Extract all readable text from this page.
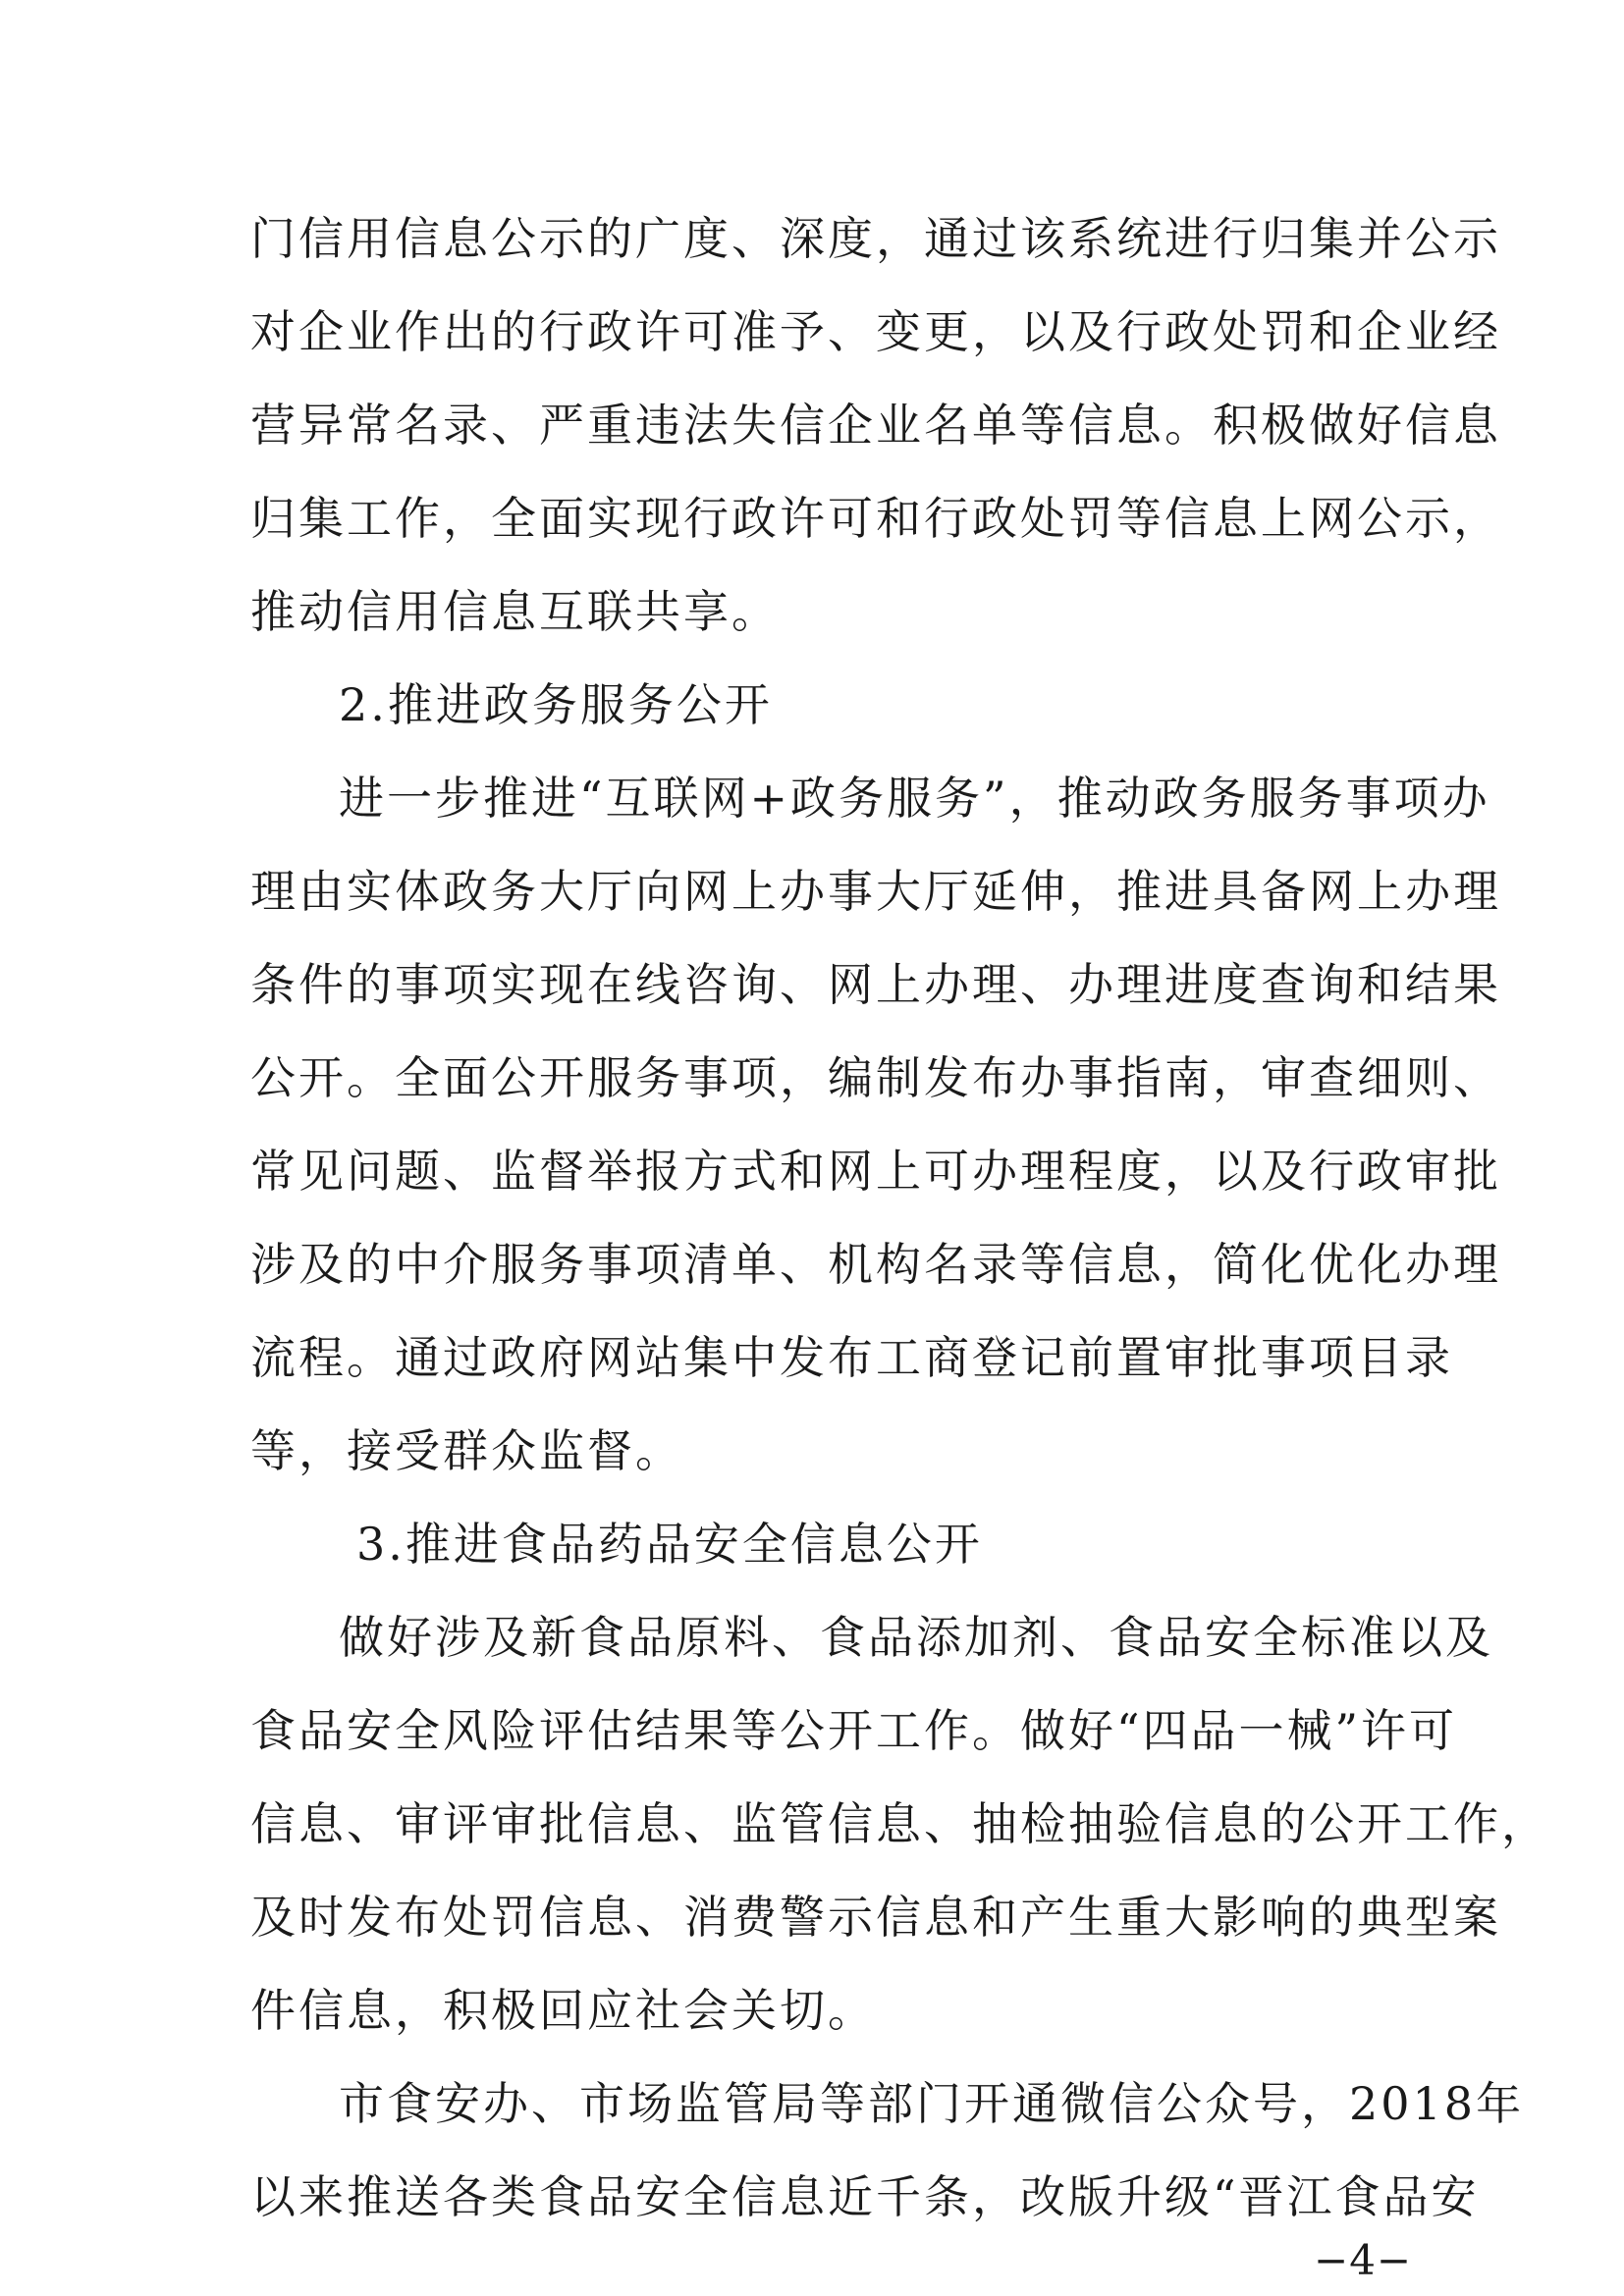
门信用信息公示的广度、深度，通过该系统进行归集并公示
对企业作出的行政许可准予、变更，以及行政处罚和企业经
营异常名录、严重违法失信企业名单等信息。积极做好信息
归集工作，全面实现行政许可和行政处罚等信息上网公示，
推动信用信息互联共享。
2.推进政务服务公开
进一步推进“互联网+政务服务”，推动政务服务事项办
理由实体政务大厅向网上办事大厅延伸，推进具备网上办理
条件的事项实现在线咨询、网上办理、办理进度查询和结果
公开。全面公开服务事项，编制发布办事指南，审查细则、
常见问题、监督举报方式和网上可办理程度，以及行政审批
涉及的中介服务事项清单、机构名录等信息，简化优化办理
流程。通过政府网站集中发布工商登记前置审批事项目录
等，接受群众监督。
3.推进食品药品安全信息公开
做好涉及新食品原料、食品添加剂、食品安全标准以及
食品安全风险评估结果等公开工作。做好“四品一械”许可
信息、审评审批信息、监管信息、抽检抽验信息的公开工作，
及时发布处罚信息、消费警示信息和产生重大影响的典型案
件信息，积极回应社会关切。
市食安办、市场监管局等部门开通微信公众号，2018年
以来推送各类食品安全信息近千条，改版升级“晋江食品安
−4−
